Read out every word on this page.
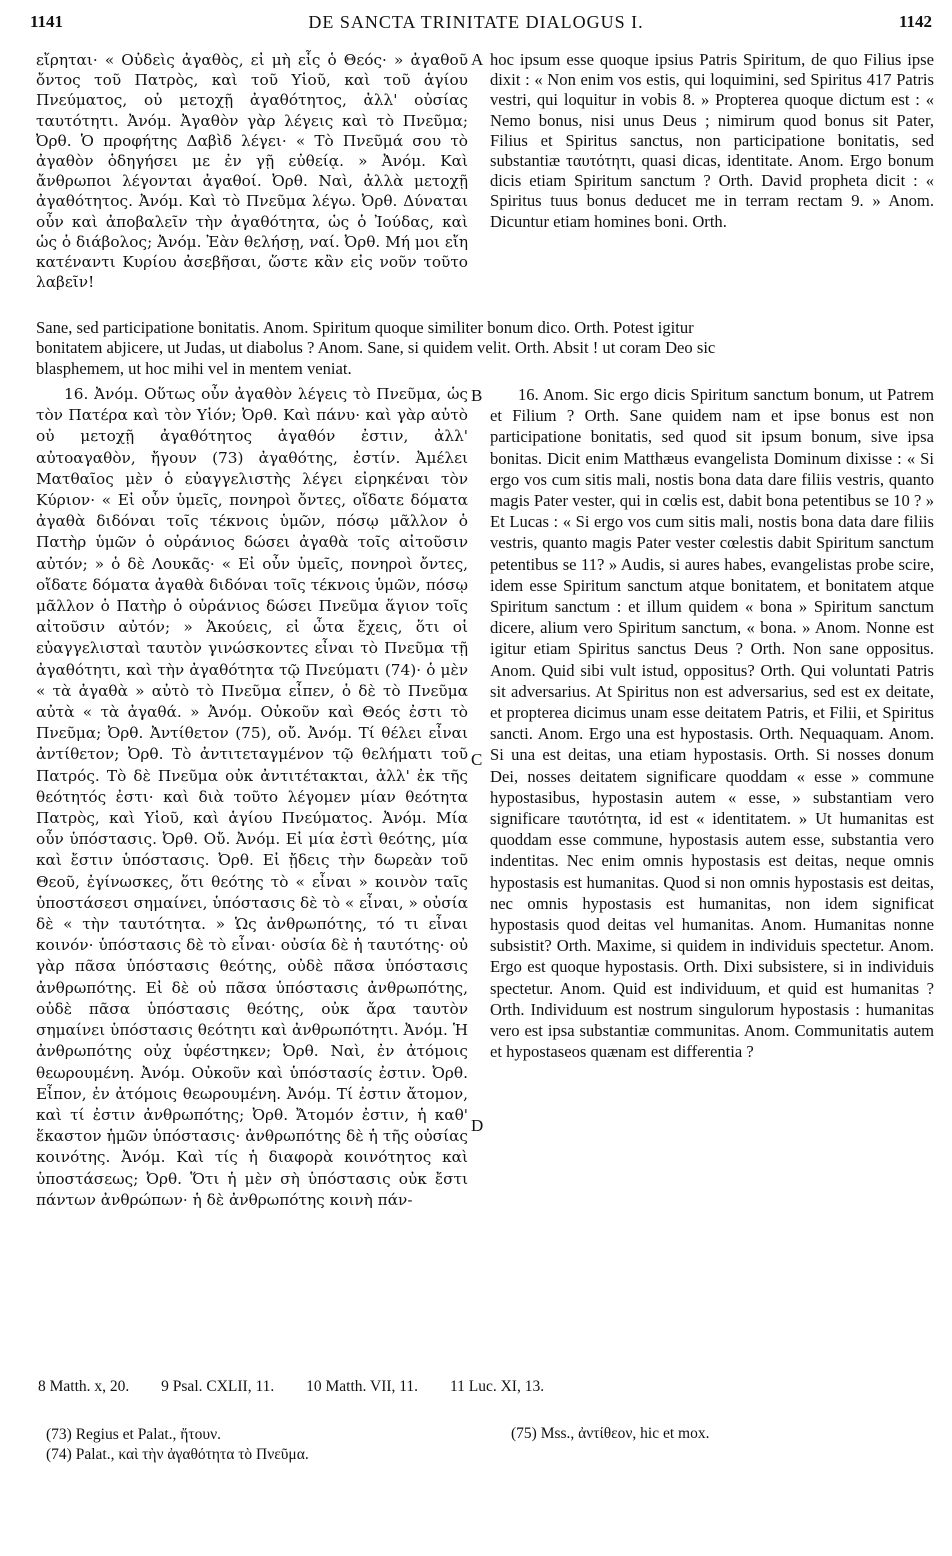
1141	DE SANCTA TRINITATE DIALOGUS I.	1142

εἴρηται· « Οὐδεὶς ἀγαθὸς, εἰ μὴ εἷς ὁ Θεός· » ἀγαθοῦ ὄντος τοῦ Πατρὸς, καὶ τοῦ Υἱοῦ, καὶ τοῦ ἁγίου Πνεύματος, οὐ μετοχῇ ἀγαθότητος, ἀλλ' οὐσίας ταυτότητι. Ἀνόμ. Ἀγαθὸν γὰρ λέγεις καὶ τὸ Πνεῦμα; Ὀρθ. Ὁ προφήτης Δαβὶδ λέγει· « Τὸ Πνεῦμά σου τὸ ἀγαθὸν ὁδηγήσει με ἐν γῇ εὐθείᾳ. » Ἀνόμ. Καὶ ἄνθρωποι λέγονται ἀγαθοί. Ὀρθ. Ναὶ, ἀλλὰ μετοχῇ ἀγαθότητος. Ἀνόμ. Καὶ τὸ Πνεῦμα λέγω. Ὀρθ. Δύναται οὖν καὶ ἀποβαλεῖν τὴν ἀγαθότητα, ὡς ὁ Ἰούδας, καὶ ὡς ὁ διάβολος; Ἀνόμ. Ἐὰν θελήσῃ, ναί. Ὀρθ. Μή μοι εἴη κατέναντι Κυρίου ἀσεβῆσαι, ὥστε κἂν εἰς νοῦν τοῦτο λαβεῖν!

hoc ipsum esse quoque ipsius Patris Spiritum, de quo Filius ipse dixit : « Non enim vos estis, qui loquimini, sed Spiritus 417 Patris vestri, qui loquitur in vobis 8. » Propterea quoque dictum est : « Nemo bonus, nisi unus Deus ; nimirum quod bonus sit Pater, Filius et Spiritus sanctus, non participatione bonitatis, sed substantiæ ταυτότητι, quasi dicas, identitate. Anom. Ergo bonum dicis etiam Spiritum sanctum ? Orth. David propheta dicit : « Spiritus tuus bonus deducet me in terram rectam 9. » Anom. Dicuntur etiam homines boni. Orth.

Sane, sed participatione bonitatis. Anom. Spiritum quoque similiter bonum dico. Orth. Potest igitur
bonitatem abjicere, ut Judas, ut diabolus ? Anom. Sane, si quidem velit. Orth. Absit ! ut coram Deo sic
blasphemem, ut hoc mihi vel in mentem veniat.

16. Ἀνόμ. Οὕτως οὖν ἀγαθὸν λέγεις τὸ Πνεῦμα, ὡς τὸν Πατέρα καὶ τὸν Υἱόν; Ὀρθ. Καὶ πάνυ· καὶ γὰρ αὐτὸ οὐ μετοχῇ ἀγαθότητος ἀγαθόν ἐστιν, ἀλλ' αὐτοαγαθὸν, ἤγουν (73) ἀγαθότης, ἐστίν. Ἀμέλει Ματθαῖος μὲν ὁ εὐαγγελιστὴς λέγει εἰρηκέναι τὸν Κύριον· « Εἰ οὖν ὑμεῖς, πονηροὶ ὄντες, οἴδατε δόματα ἀγαθὰ διδόναι τοῖς τέκνοις ὑμῶν, πόσῳ μᾶλλον ὁ Πατὴρ ὑμῶν ὁ οὐράνιος δώσει ἀγαθὰ τοῖς αἰτοῦσιν αὐτόν; » ὁ δὲ Λουκᾶς· « Εἰ οὖν ὑμεῖς, πονηροὶ ὄντες, οἴδατε δόματα ἀγαθὰ διδόναι τοῖς τέκνοις ὑμῶν, πόσῳ μᾶλλον ὁ Πατὴρ ὁ οὐράνιος δώσει Πνεῦμα ἅγιον τοῖς αἰτοῦσιν αὐτόν; » Ἀκούεις, εἰ ὦτα ἔχεις, ὅτι οἱ εὐαγγελισταὶ ταυτὸν γινώσκοντες εἶναι τὸ Πνεῦμα τῇ ἀγαθότητι, καὶ τὴν ἀγαθότητα τῷ Πνεύματι (74)· ὁ μὲν « τὰ ἀγαθὰ » αὐτὸ τὸ Πνεῦμα εἶπεν, ὁ δὲ τὸ Πνεῦμα αὐτὰ « τὰ ἀγαθά. » Ἀνόμ. Οὐκοῦν καὶ Θεός ἐστι τὸ Πνεῦμα; Ὀρθ. Ἀντίθετον (75), οὔ. Ἀνόμ. Τί θέλει εἶναι ἀντίθετον; Ὀρθ. Τὸ ἀντιτεταγμένον τῷ θελήματι τοῦ Πατρός. Τὸ δὲ Πνεῦμα οὐκ ἀντιτέτακται, ἀλλ' ἐκ τῆς θεότητός ἐστι· καὶ διὰ τοῦτο λέγομεν μίαν θεότητα Πατρὸς, καὶ Υἱοῦ, καὶ ἁγίου Πνεύματος. Ἀνόμ. Μία οὖν ὑπόστασις. Ὀρθ. Οὔ. Ἀνόμ. Εἰ μία ἐστὶ θεότης, μία καὶ ἔστιν ὑπόστασις. Ὀρθ. Εἰ ᾔδεις τὴν δωρεὰν τοῦ Θεοῦ, ἐγίνωσκες, ὅτι θεότης τὸ « εἶναι » κοινὸν ταῖς ὑποστάσεσι σημαίνει, ὑπόστασις δὲ τὸ « εἶναι, » οὐσία δὲ « τὴν ταυτότητα. » Ὡς ἀνθρωπότης, τό τι εἶναι κοινόν· ὑπόστασις δὲ τὸ εἶναι· οὐσία δὲ ἡ ταυτότης· οὐ γὰρ πᾶσα ὑπόστασις θεότης, οὐδὲ πᾶσα ὑπόστασις ἀνθρωπότης. Εἰ δὲ οὐ πᾶσα ὑπόστασις ἀνθρωπότης, οὐδὲ πᾶσα ὑπόστασις θεότης, οὐκ ἄρα ταυτὸν σημαίνει ὑπόστασις θεότητι καὶ ἀνθρωπότητι. Ἀνόμ. Ἡ ἀνθρωπότης οὐχ ὑφέστηκεν; Ὀρθ. Ναὶ, ἐν ἀτόμοις θεωρουμένη. Ἀνόμ. Οὐκοῦν καὶ ὑπόστασίς ἐστιν. Ὀρθ. Εἶπον, ἐν ἀτόμοις θεωρουμένη. Ἀνόμ. Τί ἐστιν ἄτομον, καὶ τί ἐστιν ἀνθρωπότης; Ὀρθ. Ἄτομόν ἐστιν, ἡ καθ' ἕκαστον ἡμῶν ὑπόστασις· ἀνθρωπότης δὲ ἡ τῆς οὐσίας κοινότης. Ἀνόμ. Καὶ τίς ἡ διαφορὰ κοινότητος καὶ ὑποστάσεως; Ὀρθ. Ὅτι ἡ μὲν σὴ ὑπόστασις οὐκ ἔστι πάντων ἀνθρώπων· ἡ δὲ ἀνθρωπότης κοινὴ πάν-

16. Anom. Sic ergo dicis Spiritum sanctum bonum, ut Patrem et Filium ? Orth. Sane quidem nam et ipse bonus est non participatione bonitatis, sed quod sit ipsum bonum, sive ipsa bonitas. Dicit enim Matthæus evangelista Dominum dixisse : « Si ergo vos cum sitis mali, nostis bona data dare filiis vestris, quanto magis Pater vester, qui in cœlis est, dabit bona petentibus se 10 ? » Et Lucas : « Si ergo vos cum sitis mali, nostis bona data dare filiis vestris, quanto magis Pater vester cœlestis dabit Spiritum sanctum petentibus se 11? » Audis, si aures habes, evangelistas probe scire, idem esse Spiritum sanctum atque bonitatem, et bonitatem atque Spiritum sanctum : et illum quidem « bona » Spiritum sanctum dicere, alium vero Spiritum sanctum, « bona. » Anom. Nonne est igitur etiam Spiritus sanctus Deus ? Orth. Non sane oppositus. Anom. Quid sibi vult istud, oppositus? Orth. Qui voluntati Patris sit adversarius. At Spiritus non est adversarius, sed est ex deitate, et propterea dicimus unam esse deitatem Patris, et Filii, et Spiritus sancti. Anom. Ergo una est hypostasis. Orth. Nequaquam. Anom. Si una est deitas, una etiam hypostasis. Orth. Si nosses donum Dei, nosses deitatem significare quoddam « esse » commune hypostasibus, hypostasin autem « esse, » substantiam vero significare ταυτότητα, id est « identitatem. » Ut humanitas est quoddam esse commune, hypostasis autem esse, substantia vero indentitas. Nec enim omnis hypostasis est deitas, neque omnis hypostasis est humanitas. Quod si non omnis hypostasis est deitas, nec omnis hypostasis est humanitas, non idem significat hypostasis quod deitas vel humanitas. Anom. Humanitas nonne subsistit? Orth. Maxime, si quidem in individuis spectetur. Anom. Ergo est quoque hypostasis. Orth. Dixi subsistere, si in individuis spectetur. Anom. Quid est individuum, et quid est humanitas ? Orth. Individuum est nostrum singulorum hypostasis : humanitas vero est ipsa substantiæ communitas. Anom. Communitatis autem et hypostaseos quænam est differentia ?

A
B
C
D
8 Matth. x, 20. 9 Psal. CXLII, 11. 10 Matth. VII, 11. 11 Luc. XI, 13.
(73) Regius et Palat., ἤτουν.
(74) Palat., καὶ τὴν ἀγαθότητα τὸ Πνεῦμα.
(75) Mss., ἀντίθεον, hic et mox.
